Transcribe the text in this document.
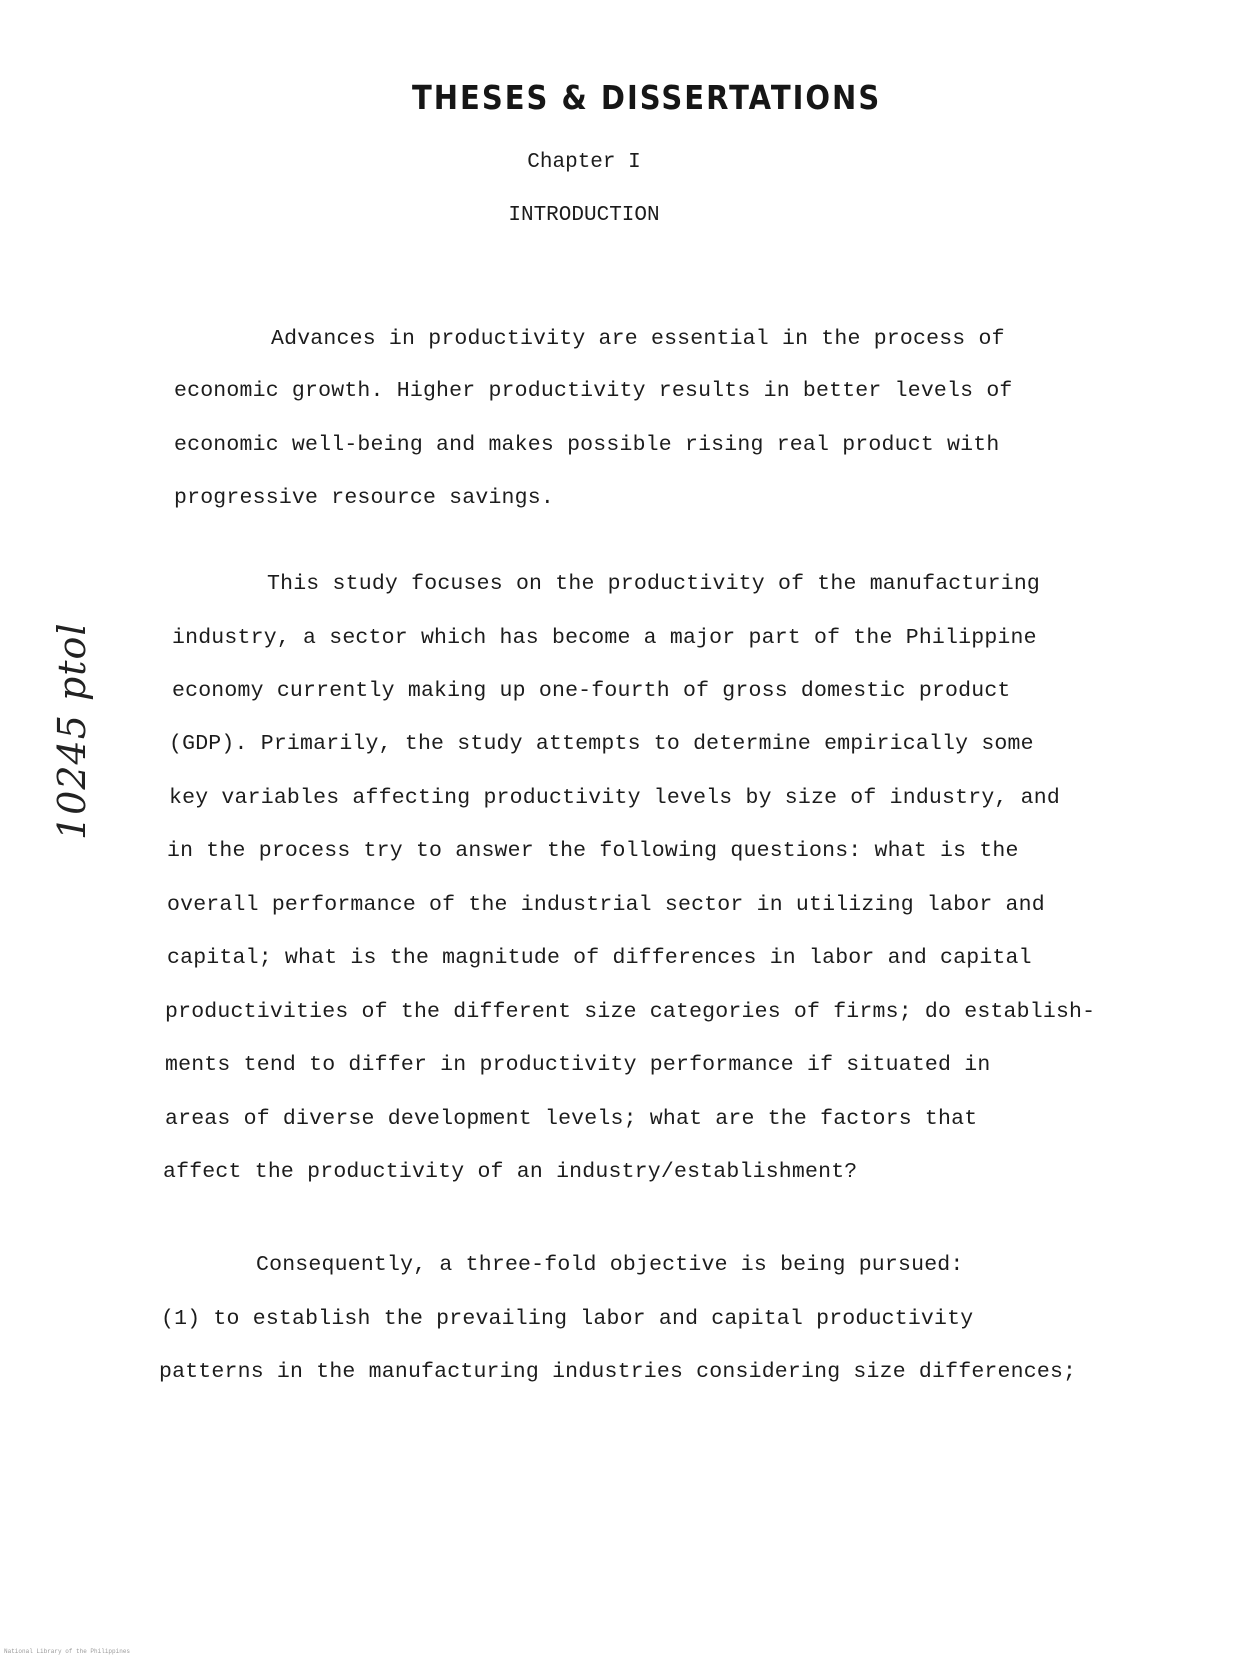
THESES & DISSERTATIONS
Chapter I
INTRODUCTION
10245 ptol
Advances in productivity are essential in the process of
economic growth. Higher productivity results in better levels of
economic well-being and makes possible rising real product with
progressive resource savings.
This study focuses on the productivity of the manufacturing
industry, a sector which has become a major part of the Philippine
economy currently making up one-fourth of gross domestic product
(GDP). Primarily, the study attempts to determine empirically some
key variables affecting productivity levels by size of industry, and
in the process try to answer the following questions: what is the
overall performance of the industrial sector in utilizing labor and
capital; what is the magnitude of differences in labor and capital
productivities of the different size categories of firms; do establish-
ments tend to differ in productivity performance if situated in
areas of diverse development levels; what are the factors that
affect the productivity of an industry/establishment?
Consequently, a three-fold objective is being pursued:
(1) to establish the prevailing labor and capital productivity
patterns in the manufacturing industries considering size differences;
National Library of the Philippines
